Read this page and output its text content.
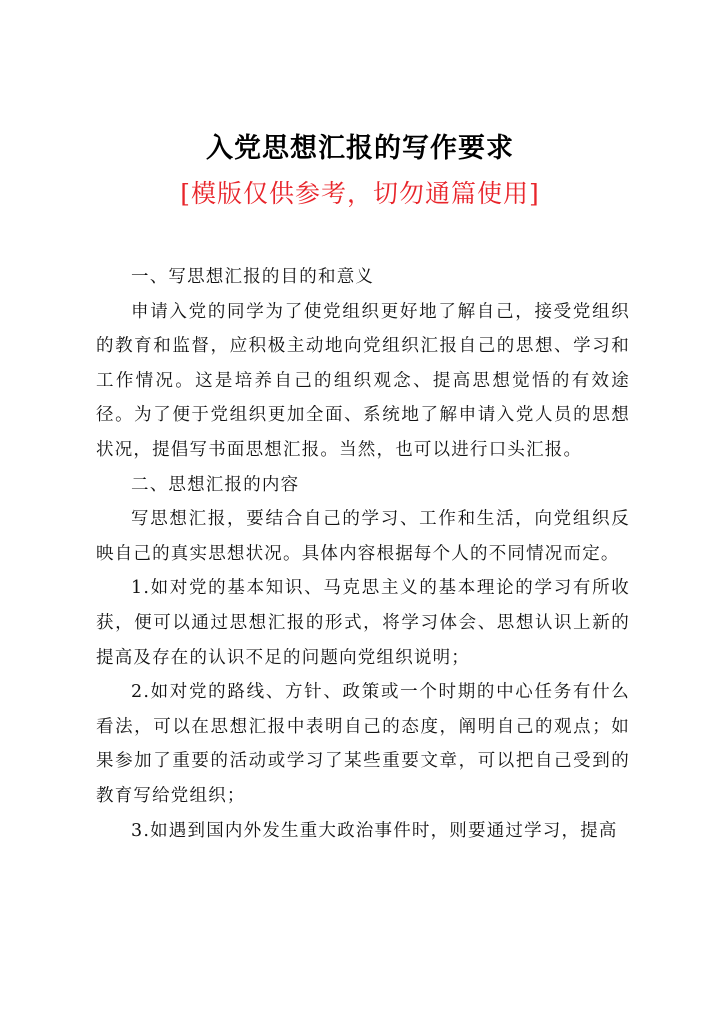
入党思想汇报的写作要求
[模版仅供参考，切勿通篇使用]

一、写思想汇报的目的和意义

申请入党的同学为了使党组织更好地了解自己，接受党组织的教育和监督，应积极主动地向党组织汇报自己的思想、学习和工作情况。这是培养自己的组织观念、提高思想觉悟的有效途径。为了便于党组织更加全面、系统地了解申请入党人员的思想状况，提倡写书面思想汇报。当然，也可以进行口头汇报。

二、思想汇报的内容

写思想汇报，要结合自己的学习、工作和生活，向党组织反映自己的真实思想状况。具体内容根据每个人的不同情况而定。

1.如对党的基本知识、马克思主义的基本理论的学习有所收获，便可以通过思想汇报的形式，将学习体会、思想认识上新的提高及存在的认识不足的问题向党组织说明；

2.如对党的路线、方针、政策或一个时期的中心任务有什么看法，可以在思想汇报中表明自己的态度，阐明自己的观点；如果参加了重要的活动或学习了某些重要文章，可以把自己受到的教育写给党组织；

3.如遇到国内外发生重大政治事件时，则要通过学习，提高
